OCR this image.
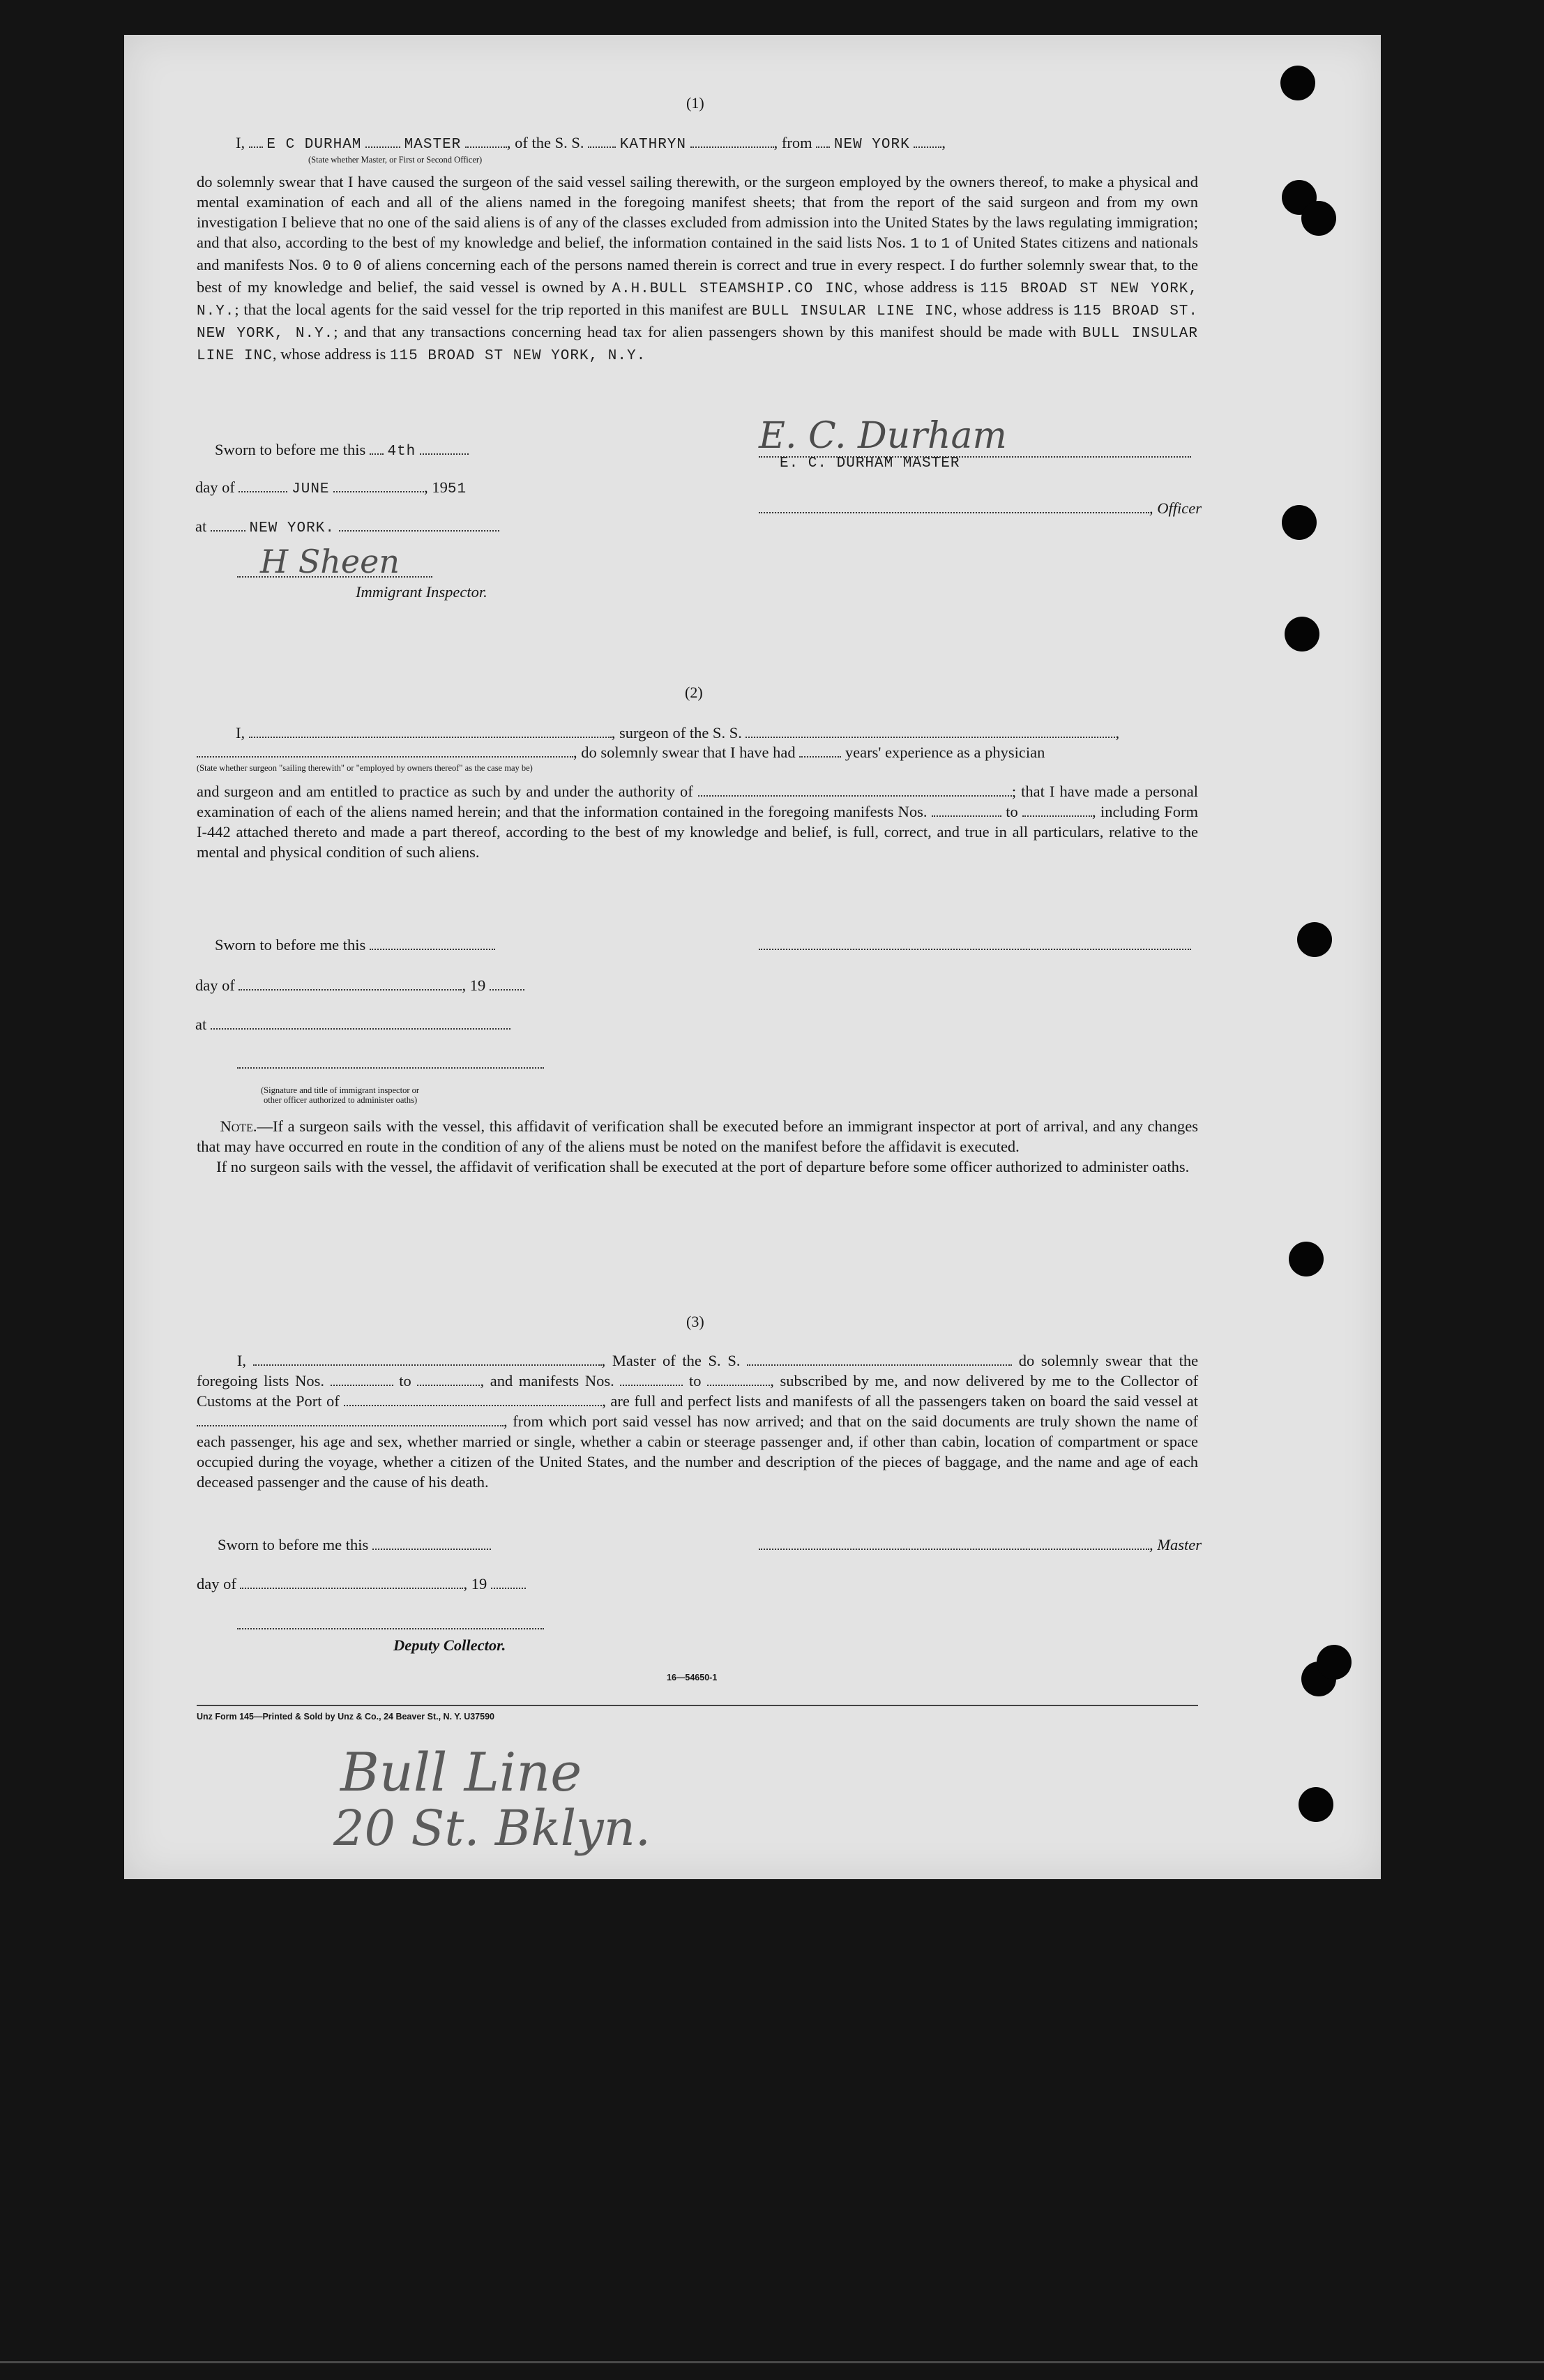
(1)
I, E C DURHAM	MASTER	, of the S. S. KATHRYN	, from NEW YORK ,
(State whether Master, or First or Second Officer)
do solemnly swear that I have caused the surgeon of the said vessel sailing therewith, or the surgeon employed by the owners thereof, to make a physical and mental examination of each and all of the aliens named in the foregoing manifest sheets; that from the report of the said surgeon and from my own investigation I believe that no one of the said aliens is of any of the classes excluded from admission into the United States by the laws regulating immigration; and that also, according to the best of my knowledge and belief, the information contained in the said lists Nos. 1 to 1 of United States citizens and nationals and manifests Nos. 0 to 0 of aliens concerning each of the persons named therein is correct and true in every respect. I do further solemnly swear that, to the best of my knowledge and belief, the said vessel is owned by A.H.BULL STEAMSHIP.CO INC, whose address is 115 BROAD ST NEW YORK, N.Y.; that the local agents for the said vessel for the trip reported in this manifest are BULL INSULAR LINE INC, whose address is 115 BROAD ST. NEW YORK, N.Y.; and that any transactions concerning head tax for alien passengers shown by this manifest should be made with BULL INSULAR LINE INC, whose address is 115 BROAD ST NEW YORK, N.Y.
Sworn to before me this 4th
day of	JUNE	, 1951
at	NEW YORK.
H Sheen
Immigrant Inspector.
E. C. Durham
E. C. DURHAM MASTER
, Officer
(2)
I,	, surgeon of the S. S.	,
, do solemnly swear that I have had	years' experience as a physician
(State whether surgeon "sailing therewith" or "employed by owners thereof" as the case may be)
and surgeon and am entitled to practice as such by and under the authority of	; that I have made a personal examination of each of the aliens named herein; and that the information contained in the foregoing manifests Nos.	to	, including Form I-442 attached thereto and made a part thereof, according to the best of my knowledge and belief, is full, correct, and true in all particulars, relative to the mental and physical condition of such aliens.
Sworn to before me this
day of	, 19
at
(Signature and title of immigrant inspector or
other officer authorized to administer oaths)
Note.—If a surgeon sails with the vessel, this affidavit of verification shall be executed before an immigrant inspector at port of arrival, and any changes that may have occurred en route in the condition of any of the aliens must be noted on the manifest before the affidavit is executed.
If no surgeon sails with the vessel, the affidavit of verification shall be executed at the port of departure before some officer authorized to administer oaths.
(3)
I,	, Master of the S. S.	do solemnly swear that the foregoing lists Nos.	to	, and manifests Nos.	to	, subscribed by me, and now delivered by me to the Collector of Customs at the Port of	, are full and perfect lists and manifests of all the passengers taken on board the said vessel at , from which port said vessel has now arrived; and that on the said documents are truly shown the name of each passenger, his age and sex, whether married or single, whether a cabin or steerage passenger and, if other than cabin, location of compartment or space occupied during the voyage, whether a citizen of the United States, and the number and description of the pieces of baggage, and the name and age of each deceased passenger and the cause of his death.
Sworn to before me this	, Master
day of	, 19
Deputy Collector.
16—54650-1
Unz Form 145—Printed & Sold by Unz & Co., 24 Beaver St., N. Y. U37590
Bull Line
20 St. Bklyn.
